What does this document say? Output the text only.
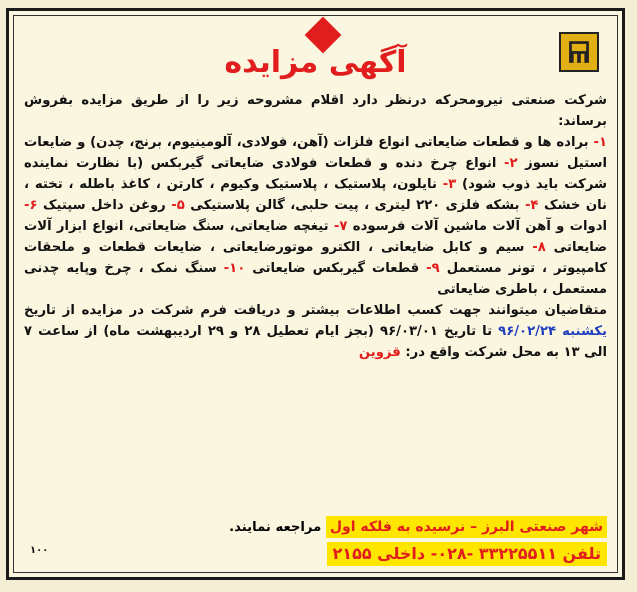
آگهی مزایده

شرکت صنعتی نیرومحرکه درنظر دارد اقلام مشروحه زیر را از طریق مزایده بفروش برساند:

۱- براده ها و قطعات ضایعاتی انواع فلزات (آهن، فولادی، آلومینیوم، برنج، چدن) و ضایعات استیل نسوز ۲- انواع چرخ دنده و قطعات فولادی ضایعاتی گیربکس (با نظارت نماینده شرکت باید ذوب شود) ۳- نایلون، پلاستیک ، پلاستیک وکیوم ، کارتن ، کاغذ باطله ، تخته ، نان خشک ۴- بشکه فلزی ۲۲۰ لیتری ، پیت حلبی، گالن پلاستیکی ۵- روغن داخل سپتیک ۶- ادوات و آهن آلات ماشین آلات فرسوده ۷- تیغچه ضایعاتی، سنگ ضایعاتی، انواع ابزار آلات ضایعاتی ۸- سیم و کابل ضایعاتی ، الکترو موتورضایعاتی ، ضایعات قطعات و ملحقات کامپیوتر ، تونر مستعمل ۹- قطعات گیربکس ضایعاتی ۱۰- سنگ نمک ، چرخ وپایه چدنی مستعمل ، باطری ضایعاتی

متقاضیان میتوانند جهت کسب اطلاعات بیشتر و دریافت فرم شرکت در مزایده از تاریخ یکشنبه ۹۶/۰۲/۲۴ تا تاریخ ۹۶/۰۳/۰۱ (بجز ایام تعطیل ۲۸ و ۲۹ اردیبهشت ماه) از ساعت ۷ الی ۱۳ به محل شرکت واقع در: قزوین

شهر صنعتی البرز – نرسیده به فلکه اول مراجعه نمایند.
تلفن ۳۳۲۲۵۵۱۱ -۰۲۸- داخلی ۲۱۵۵
۱۰۰
